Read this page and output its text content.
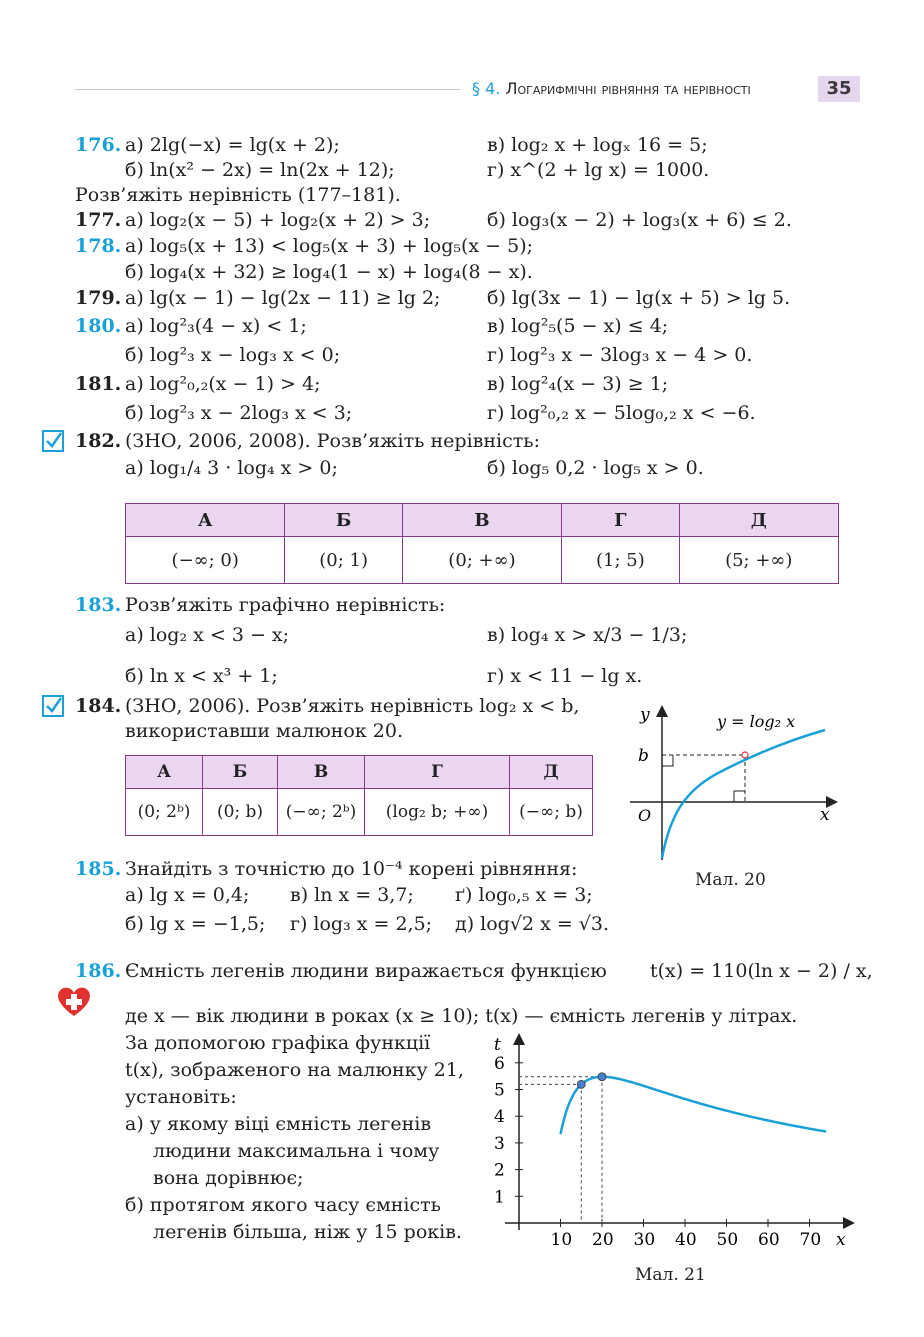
§ 4. Логарифмічні рівняння та нерівності	35
176. а) 2lg(−x) = lg(x + 2);	в) log₂ x + logₓ 16 = 5;
б) ln(x² − 2x) = ln(2x + 12);	г) x^(2 + lg x) = 1000.
Розв’яжіть нерівність (177–181).
177. а) log₂(x − 5) + log₂(x + 2) > 3;	б) log₃(x − 2) + log₃(x + 6) ≤ 2.
178. а) log₅(x + 13) < log₅(x + 3) + log₅(x − 5);
б) log₄(x + 32) ≥ log₄(1 − x) + log₄(8 − x).
179. а) lg(x − 1) − lg(2x − 11) ≥ lg 2; б) lg(3x − 1) − lg(x + 5) > lg 5.
180. а) log²₃(4 − x) < 1;	в) log²₅(5 − x) ≤ 4;
б) log²₃ x − log₃ x < 0;	г) log²₃ x − 3log₃ x − 4 > 0.
181. а) log²₀,₂(x − 1) > 4;	в) log²₄(x − 3) ≥ 1;
б) log²₃ x − 2log₃ x < 3;	г) log²₀,₂ x − 5log₀,₂ x < −6.
182. (ЗНО, 2006, 2008). Розв’яжіть нерівність:
а) log₁/₄ 3 · log₄ x > 0;	б) log₅ 0,2 · log₅ x > 0.
А	Б	В	Г	Д
(−∞; 0)	(0; 1)	(0; +∞)	(1; 5)	(5; +∞)
183. Розв’яжіть графічно нерівність:
а) log₂ x < 3 − x;	в) log₄ x > x/3 − 1/3;
б) ln x < x³ + 1;	г) x < 11 − lg x.
184. (ЗНО, 2006). Розв’яжіть нерівність log₂ x < b,
використавши малюнок 20.
А	Б	В	Г	Д
(0; 2ᵇ)	(0; b)	(−∞; 2ᵇ)	(log₂ b; +∞)	(−∞; b)
y
x
O
b
y = log₂ x
Мал. 20
185. Знайдіть з точністю до 10⁻⁴ корені рівняння:
а) lg x = 0,4; в) ln x = 3,7; ґ) log₀,₅ x = 3;
б) lg x = −1,5; г) log₃ x = 2,5; д) log√2 x = √3.
186. Ємність легенів людини виражається функцією t(x) = 110(ln x − 2) / x,
де x — вік людини в роках (x ≥ 10); t(x) — ємність легенів у літрах.
За допомогою графіка функції
t(x), зображеного на малюнку 21,
установіть:
а) у якому віці ємність легенів
людини максимальна і чому
вона дорівнює;
б) протягом якого часу ємність
легенів більша, ніж у 15 років.
t
x
1
2
3
4
5
6
10 20 30 40 50 60 70
Мал. 21
